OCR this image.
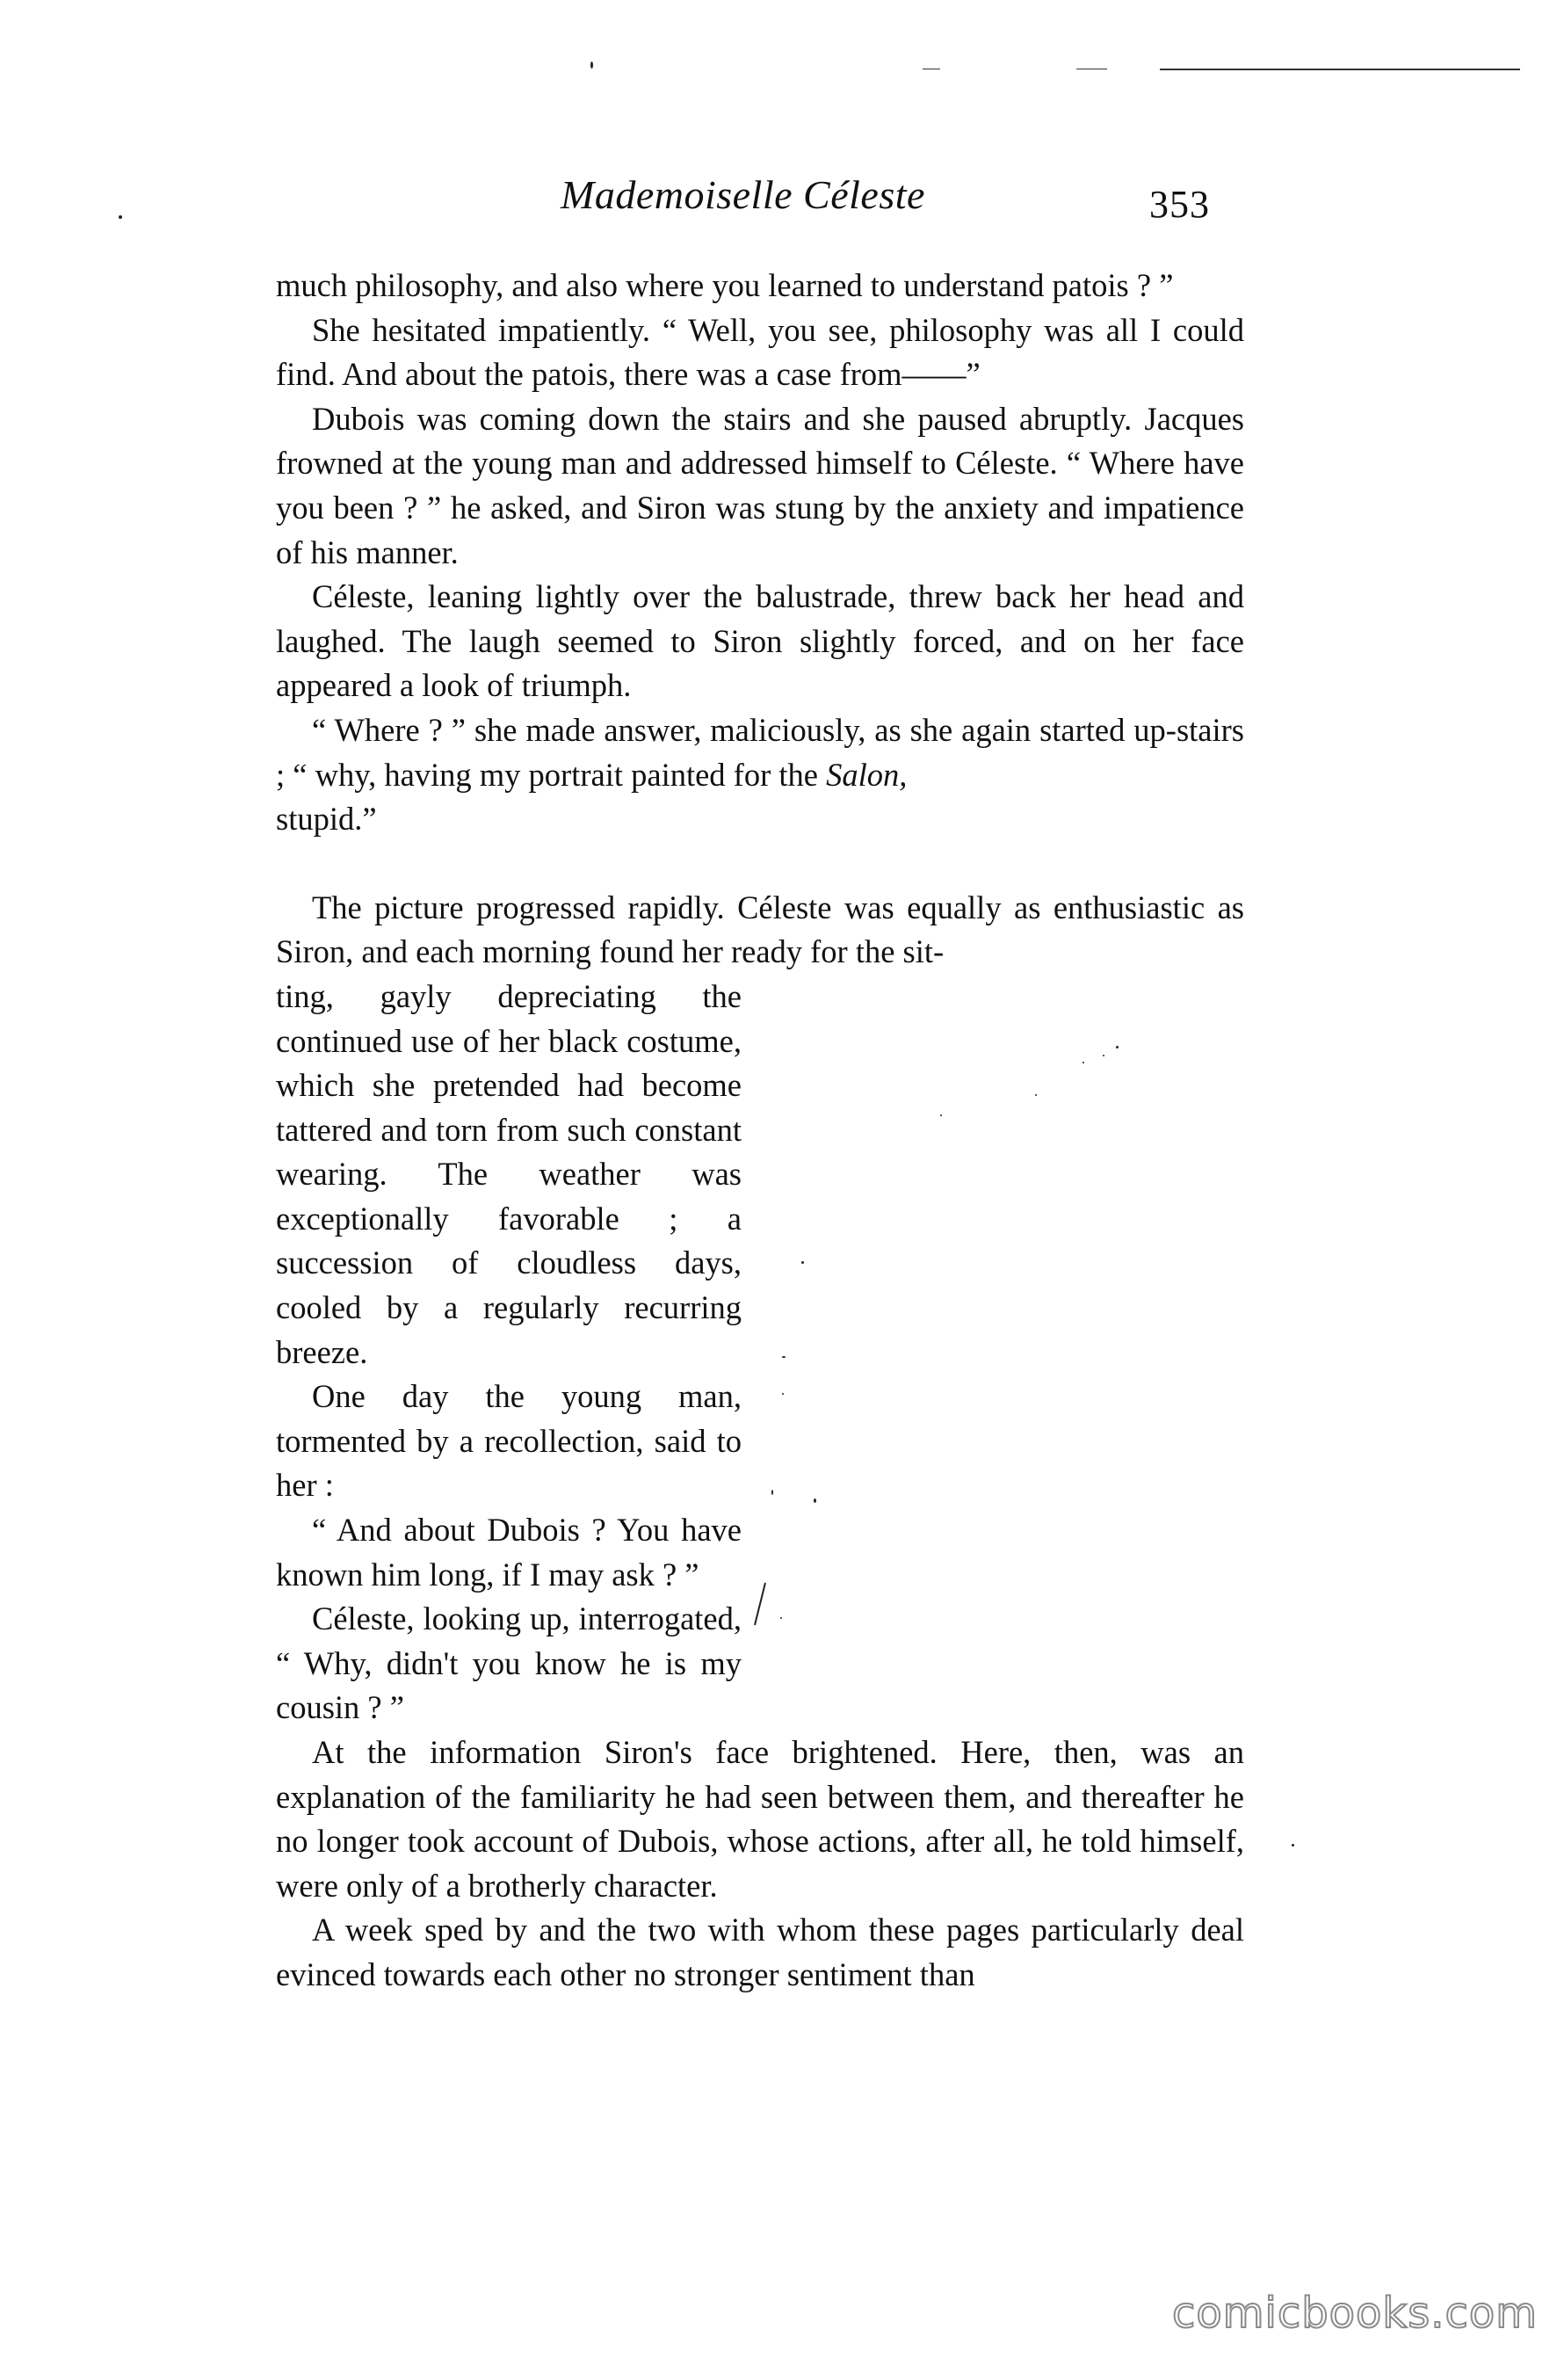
Mademoiselle Céleste	353

much philosophy, and also where you learned to understand patois ? ”

She hesitated impatiently. “ Well, you see, philosophy was all I could find. And about the patois, there was a case from——”

Dubois was coming down the stairs and she paused abruptly. Jacques frowned at the young man and addressed himself to Céleste. “ Where have you been ? ” he asked, and Siron was stung by the anxiety and impatience of his manner.

Céleste, leaning lightly over the balustrade, threw back her head and laughed. The laugh seemed to Siron slightly forced, and on her face appeared a look of triumph.

“ Where ? ” she made answer, maliciously, as she again started up-stairs ; “ why, having my portrait painted for the Salon,
stupid.”

The picture progressed rapidly. Céleste was equally as enthusiastic as Siron, and each morning found her ready for the sit-

ting, gayly depreciating the continued use of her black costume, which she pretended had become tattered and torn from such constant wearing. The weather was exceptionally favorable ; a succession of cloudless days, cooled by a regularly recurring breeze.

One day the young man, tormented by a recollection, said to her :

“ And about Dubois ? You have known him long, if I may ask ? ”

Céleste, looking up, interrogated, “ Why, didn't you know he is my cousin ? ”

At the information Siron's face brightened. Here, then, was an explanation of the familiarity he had seen between them, and thereafter he no longer took account of Dubois, whose actions, after all, he told himself, were only of a brotherly character.

A week sped by and the two with whom these pages particularly deal evinced towards each other no stronger sentiment than

comicbooks.com
